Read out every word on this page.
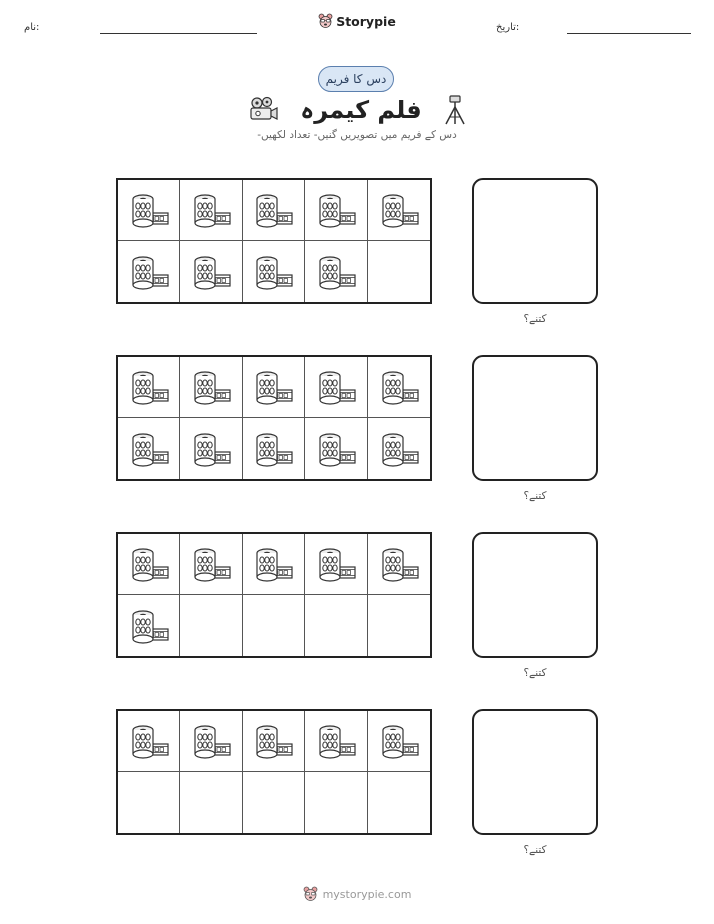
نام:	Storypie	تاریخ:
دس کا فریم
فلم کیمرہ
دس کے فریم میں تصویریں گنیں- تعداد لکھیں-
کتنے؟
کتنے؟
کتنے؟
کتنے؟
mystorypie.com
